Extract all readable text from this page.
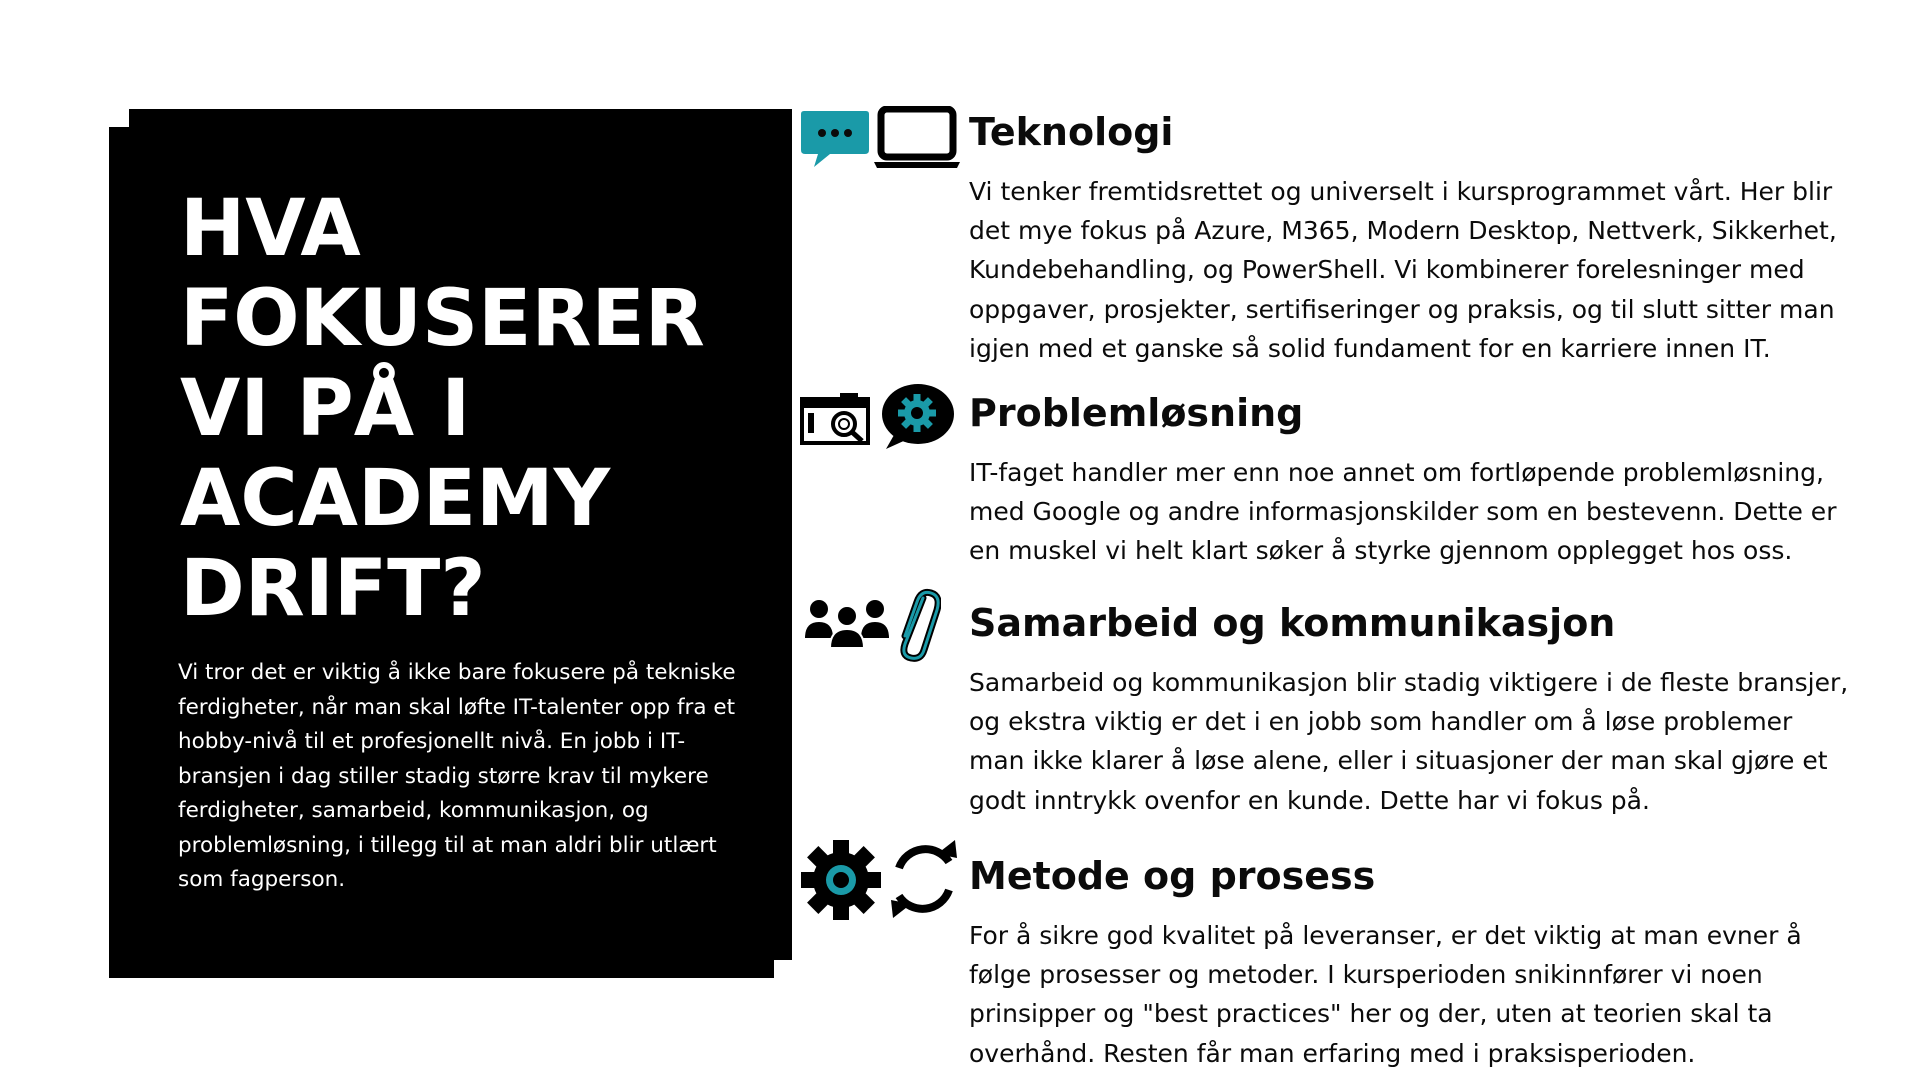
HVA
FOKUSERER
VI PÅ I
ACADEMY
DRIFT?

Vi tror det er viktig å ikke bare fokusere på tekniske ferdigheter, når man skal løfte IT-talenter opp fra et hobby-nivå til et profesjonellt nivå. En jobb i IT-bransjen i dag stiller stadig større krav til mykere ferdigheter, samarbeid, kommunikasjon, og problemløsning, i tillegg til at man aldri blir utlært som fagperson.

Teknologi

Vi tenker fremtidsrettet og universelt i kursprogrammet vårt. Her blir det mye fokus på Azure, M365, Modern Desktop, Nettverk, Sikkerhet, Kundebehandling, og PowerShell. Vi kombinerer forelesninger med oppgaver, prosjekter, sertifiseringer og praksis, og til slutt sitter man igjen med et ganske så solid fundament for en karriere innen IT.

Problemløsning

IT-faget handler mer enn noe annet om fortløpende problemløsning, med Google og andre informasjonskilder som en bestevenn. Dette er en muskel vi helt klart søker å styrke gjennom opplegget hos oss.

Samarbeid og kommunikasjon

Samarbeid og kommunikasjon blir stadig viktigere i de fleste bransjer, og ekstra viktig er det i en jobb som handler om å løse problemer man ikke klarer å løse alene, eller i situasjoner der man skal gjøre et godt inntrykk ovenfor en kunde. Dette har vi fokus på.

Metode og prosess

For å sikre god kvalitet på leveranser, er det viktig at man evner å følge prosesser og metoder. I kursperioden snikinnfører vi noen prinsipper og "best practices" her og der, uten at teorien skal ta overhånd. Resten får man erfaring med i praksisperioden.
